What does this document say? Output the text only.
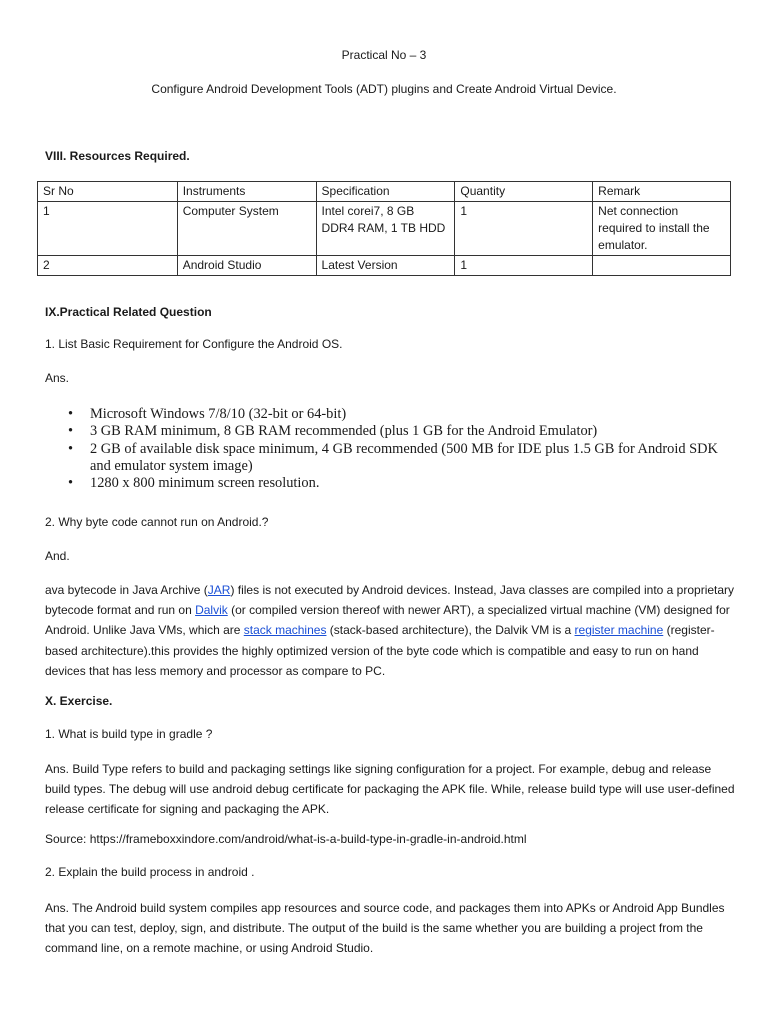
Practical No – 3
Configure Android Development Tools (ADT) plugins and Create Android Virtual Device.
VIII. Resources Required.
Sr No	Instruments	Specification	Quantity	Remark
1	Computer System	Intel corei7, 8 GB DDR4 RAM, 1 TB HDD	1	Net connection required to install the emulator.
2	Android Studio	Latest Version	1	
IX.Practical Related Question
1. List Basic Requirement for Configure the Android OS.
Ans.
• Microsoft Windows 7/8/10 (32-bit or 64-bit)
• 3 GB RAM minimum, 8 GB RAM recommended (plus 1 GB for the Android Emulator)
• 2 GB of available disk space minimum, 4 GB recommended (500 MB for IDE plus 1.5 GB for Android SDK and emulator system image)
• 1280 x 800 minimum screen resolution.
2. Why byte code cannot run on Android.?
And.
ava bytecode in Java Archive (JAR) files is not executed by Android devices. Instead, Java classes are compiled into a proprietary bytecode format and run on Dalvik (or compiled version thereof with newer ART), a specialized virtual machine (VM) designed for Android. Unlike Java VMs, which are stack machines (stack-based architecture), the Dalvik VM is a register machine (register-based architecture).this provides the highly optimized version of the byte code which is compatible and easy to run on hand devices that has less memory and processor as compare to PC.
X. Exercise.
1. What is build type in gradle ?
Ans. Build Type refers to build and packaging settings like signing configuration for a project. For example, debug and release build types. The debug will use android debug certificate for packaging the APK file. While, release build type will use user-defined release certificate for signing and packaging the APK.
Source: https://frameboxxindore.com/android/what-is-a-build-type-in-gradle-in-android.html
2. Explain the build process in android .
Ans. The Android build system compiles app resources and source code, and packages them into APKs or Android App Bundles that you can test, deploy, sign, and distribute. The output of the build is the same whether you are building a project from the command line, on a remote machine, or using Android Studio.
